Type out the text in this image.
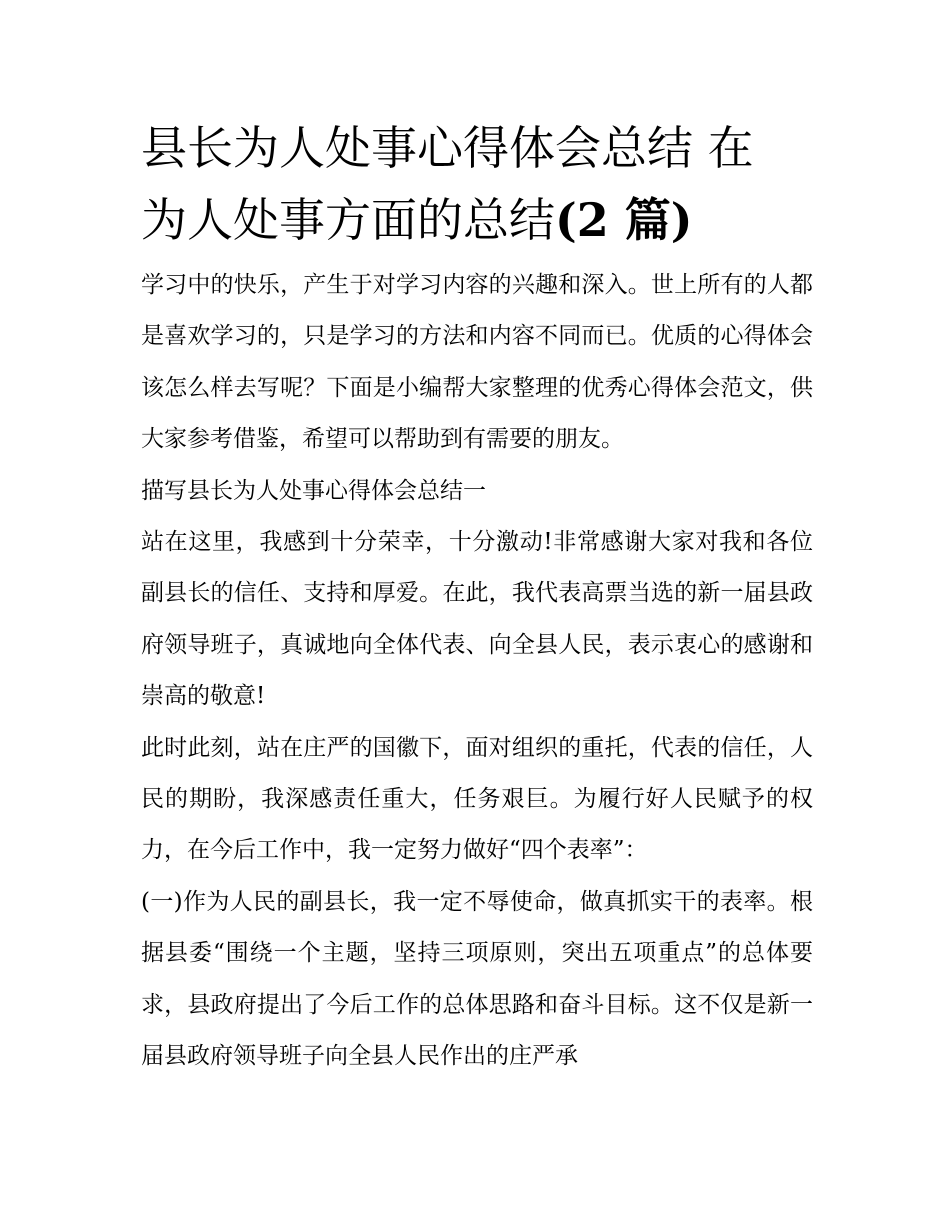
县长为人处事心得体会总结 在
为人处事方面的总结(2 篇)

学习中的快乐，产生于对学习内容的兴趣和深入。世上所有的人都是喜欢学习的，只是学习的方法和内容不同而已。优质的心得体会该怎么样去写呢？下面是小编帮大家整理的优秀心得体会范文，供大家参考借鉴，希望可以帮助到有需要的朋友。

描写县长为人处事心得体会总结一

站在这里，我感到十分荣幸，十分激动!非常感谢大家对我和各位副县长的信任、支持和厚爱。在此，我代表高票当选的新一届县政府领导班子，真诚地向全体代表、向全县人民，表示衷心的感谢和崇高的敬意!

此时此刻，站在庄严的国徽下，面对组织的重托，代表的信任，人民的期盼，我深感责任重大，任务艰巨。为履行好人民赋予的权力，在今后工作中，我一定努力做好“四个表率”：

(一)作为人民的副县长，我一定不辱使命，做真抓实干的表率。根据县委“围绕一个主题，坚持三项原则，突出五项重点”的总体要求，县政府提出了今后工作的总体思路和奋斗目标。这不仅是新一届县政府领导班子向全县人民作出的庄严承
